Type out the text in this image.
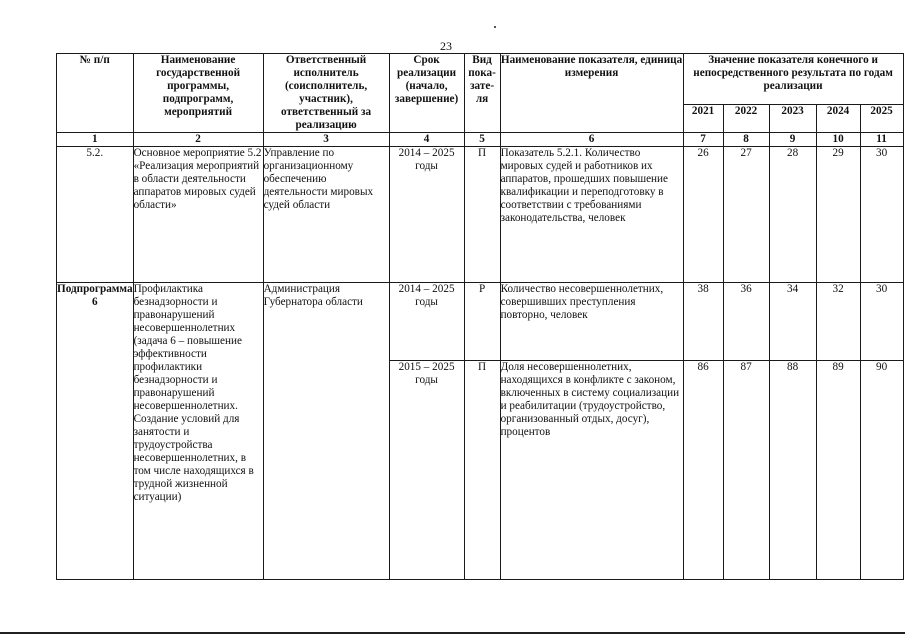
23
№ п/п	Наименование государственной программы, подпрограмм, мероприятий	Ответственный исполнитель (соисполнитель, участник), ответственный за реализацию	Срок реализации (начало, завершение)	Вид пока-зате-ля	Наименование показателя, единица измерения	Значение показателя конечного и непосредственного результата по годам реализации				
						2021	2022	2023	2024	2025
1	2	3	4	5	6	7	8	9	10	11
5.2.	Основное мероприятие 5.2 «Реализация мероприятий в области деятельности аппаратов мировых судей области»	Управление по организационному обеспечению деятельности мировых судей области	2014 – 2025 годы	П	Показатель 5.2.1. Количество мировых судей и работников их аппаратов, прошедших повышение квалификации и переподготовку в соответствии с требованиями законодательства, человек	26	27	28	29	30
Подпрограмма 6	Профилактика безнадзорности и правонарушений несовершеннолетних (задача 6 – повышение эффективности профилактики безнадзорности и правонарушений несовершеннолетних. Создание условий для занятости и трудоустройства несовершеннолетних, в том числе находящихся в трудной жизненной ситуации)	Администрация Губернатора области	2014 – 2025 годы	Р	Количество несовершеннолетних, совершивших преступления повторно, человек	38	36	34	32	30
			2015 – 2025 годы	П	Доля несовершеннолетних, находящихся в конфликте с законом, включенных в систему социализации и реабилитации (трудоустройство, организованный отдых, досуг), процентов	86	87	88	89	90
